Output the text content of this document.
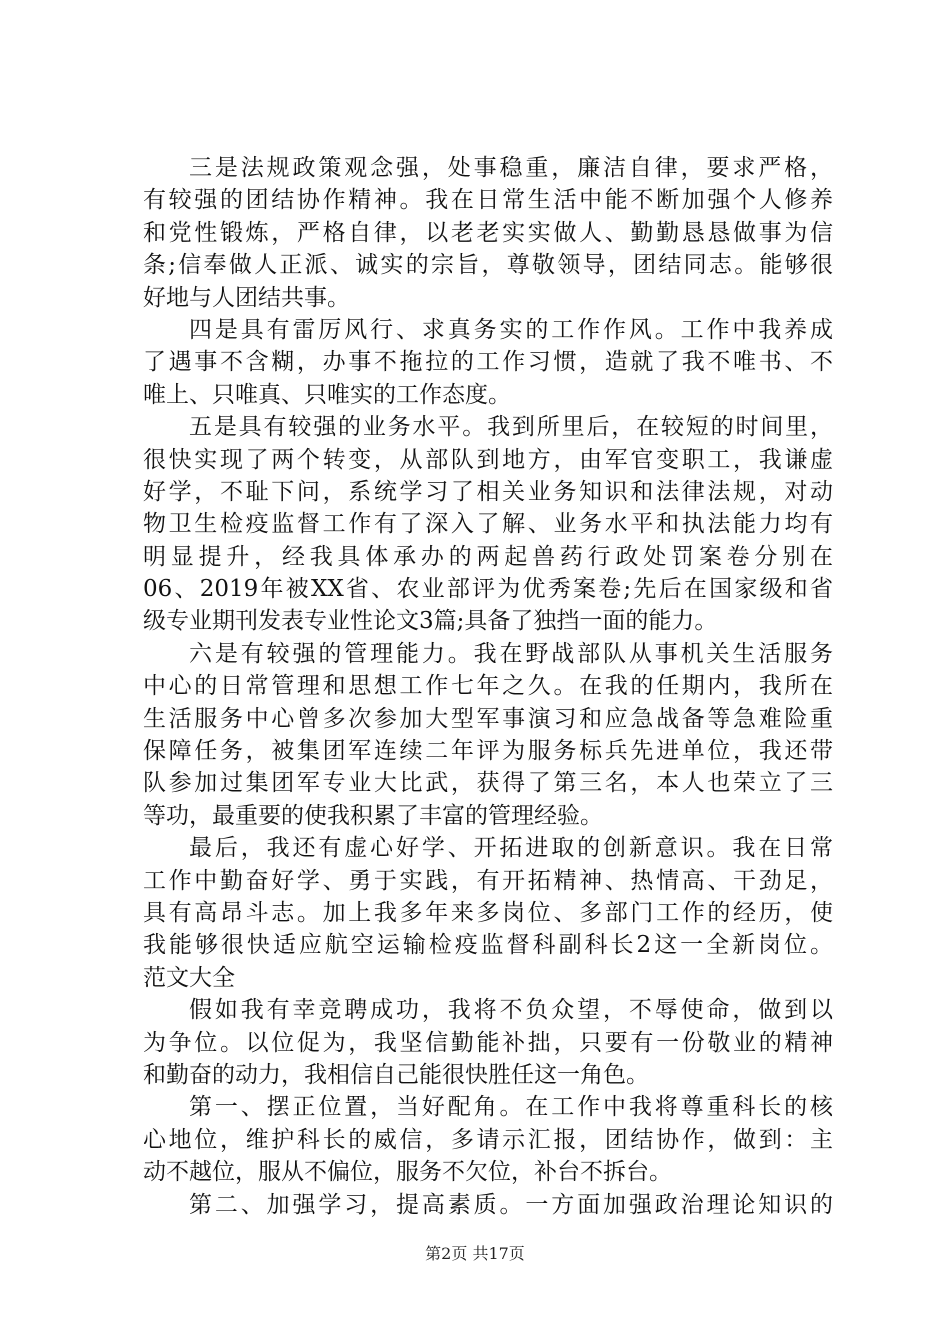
三是法规政策观念强，处事稳重，廉洁自律，要求严格，
有较强的团结协作精神。我在日常生活中能不断加强个人修养
和党性锻炼，严格自律，以老老实实做人、勤勤恳恳做事为信
条;信奉做人正派、诚实的宗旨，尊敬领导，团结同志。能够很
好地与人团结共事。
四是具有雷厉风行、求真务实的工作作风。工作中我养成
了遇事不含糊，办事不拖拉的工作习惯，造就了我不唯书、不
唯上、只唯真、只唯实的工作态度。
五是具有较强的业务水平。我到所里后，在较短的时间里，
很快实现了两个转变，从部队到地方，由军官变职工，我谦虚
好学，不耻下问，系统学习了相关业务知识和法律法规，对动
物卫生检疫监督工作有了深入了解、业务水平和执法能力均有
明显提升，经我具体承办的两起兽药行政处罚案卷分别在
06、2019年被XX省、农业部评为优秀案卷;先后在国家级和省
级专业期刊发表专业性论文3篇;具备了独挡一面的能力。
六是有较强的管理能力。我在野战部队从事机关生活服务
中心的日常管理和思想工作七年之久。在我的任期内，我所在
生活服务中心曾多次参加大型军事演习和应急战备等急难险重
保障任务，被集团军连续二年评为服务标兵先进单位，我还带
队参加过集团军专业大比武，获得了第三名，本人也荣立了三
等功，最重要的使我积累了丰富的管理经验。
最后，我还有虚心好学、开拓进取的创新意识。我在日常
工作中勤奋好学、勇于实践，有开拓精神、热情高、干劲足，
具有高昂斗志。加上我多年来多岗位、多部门工作的经历，使
我能够很快适应航空运输检疫监督科副科长2这一全新岗位。
范文大全
假如我有幸竞聘成功，我将不负众望，不辱使命，做到以
为争位。以位促为，我坚信勤能补拙，只要有一份敬业的精神
和勤奋的动力，我相信自己能很快胜任这一角色。
第一、摆正位置，当好配角。在工作中我将尊重科长的核
心地位，维护科长的威信，多请示汇报，团结协作，做到：主
动不越位，服从不偏位，服务不欠位，补台不拆台。
第二、加强学习，提高素质。一方面加强政治理论知识的
第2页 共17页
